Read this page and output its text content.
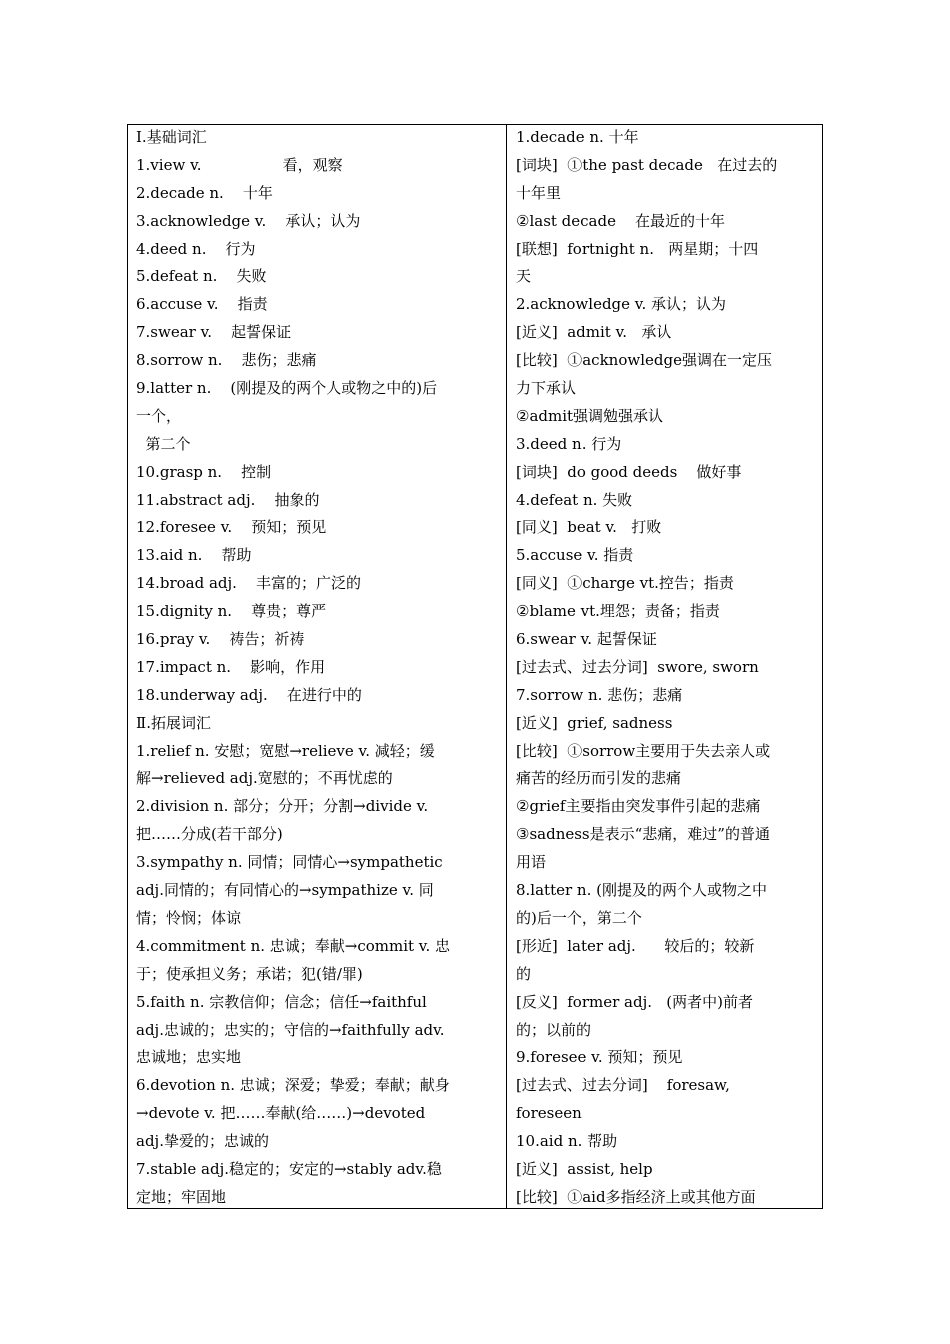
Ⅰ.基础词汇
1.view v.                 看，观察
2.decade n.    十年
3.acknowledge v.    承认；认为
4.deed n.    行为
5.defeat n.    失败
6.accuse v.    指责
7.swear v.    起誓保证
8.sorrow n.    悲伤；悲痛
9.latter n.    (刚提及的两个人或物之中的)后
一个，
第二个
10.grasp n.    控制
11.abstract adj.    抽象的
12.foresee v.    预知；预见
13.aid n.    帮助
14.broad adj.    丰富的；广泛的
15.dignity n.    尊贵；尊严
16.pray v.    祷告；祈祷
17.impact n.    影响，作用
18.underway adj.    在进行中的
Ⅱ.拓展词汇
1.relief n. 安慰；宽慰→relieve v. 减轻；缓
解→relieved adj.宽慰的；不再忧虑的
2.division n. 部分；分开；分割→divide v.
把……分成(若干部分)
3.sympathy n. 同情；同情心→sympathetic
adj.同情的；有同情心的→sympathize v. 同
情；怜悯；体谅
4.commitment n. 忠诚；奉献→commit v. 忠
于；使承担义务；承诺；犯(错/罪)
5.faith n. 宗教信仰；信念；信任→faithful
adj.忠诚的；忠实的；守信的→faithfully adv.
忠诚地；忠实地
6.devotion n. 忠诚；深爱；挚爱；奉献；献身
→devote v. 把……奉献(给……)→devoted
adj.挚爱的；忠诚的
7.stable adj.稳定的；安定的→stably adv.稳
定地；牢固地
1.decade n. 十年
[词块]  ①the past decade   在过去的
十年里
②last decade    在最近的十年
[联想]  fortnight n.   两星期；十四
天
2.acknowledge v. 承认；认为
[近义]  admit v.   承认
[比较]  ①acknowledge强调在一定压
力下承认
②admit强调勉强承认
3.deed n. 行为
[词块]  do good deeds    做好事
4.defeat n. 失败
[同义]  beat v.   打败
5.accuse v. 指责
[同义]  ①charge vt.控告；指责
②blame vt.埋怨；责备；指责
6.swear v. 起誓保证
[过去式、过去分词]  swore, sworn
7.sorrow n. 悲伤；悲痛
[近义]  grief, sadness
[比较]  ①sorrow主要用于失去亲人或
痛苦的经历而引发的悲痛
②grief主要指由突发事件引起的悲痛
③sadness是表示“悲痛，难过”的普通
用语
8.latter n. (刚提及的两个人或物之中
的)后一个，第二个
[形近]  later adj.      较后的；较新
的
[反义]  former adj.   (两者中)前者
的；以前的
9.foresee v. 预知；预见
[过去式、过去分词]    foresaw,
foreseen
10.aid n. 帮助
[近义]  assist, help
[比较]  ①aid多指经济上或其他方面
